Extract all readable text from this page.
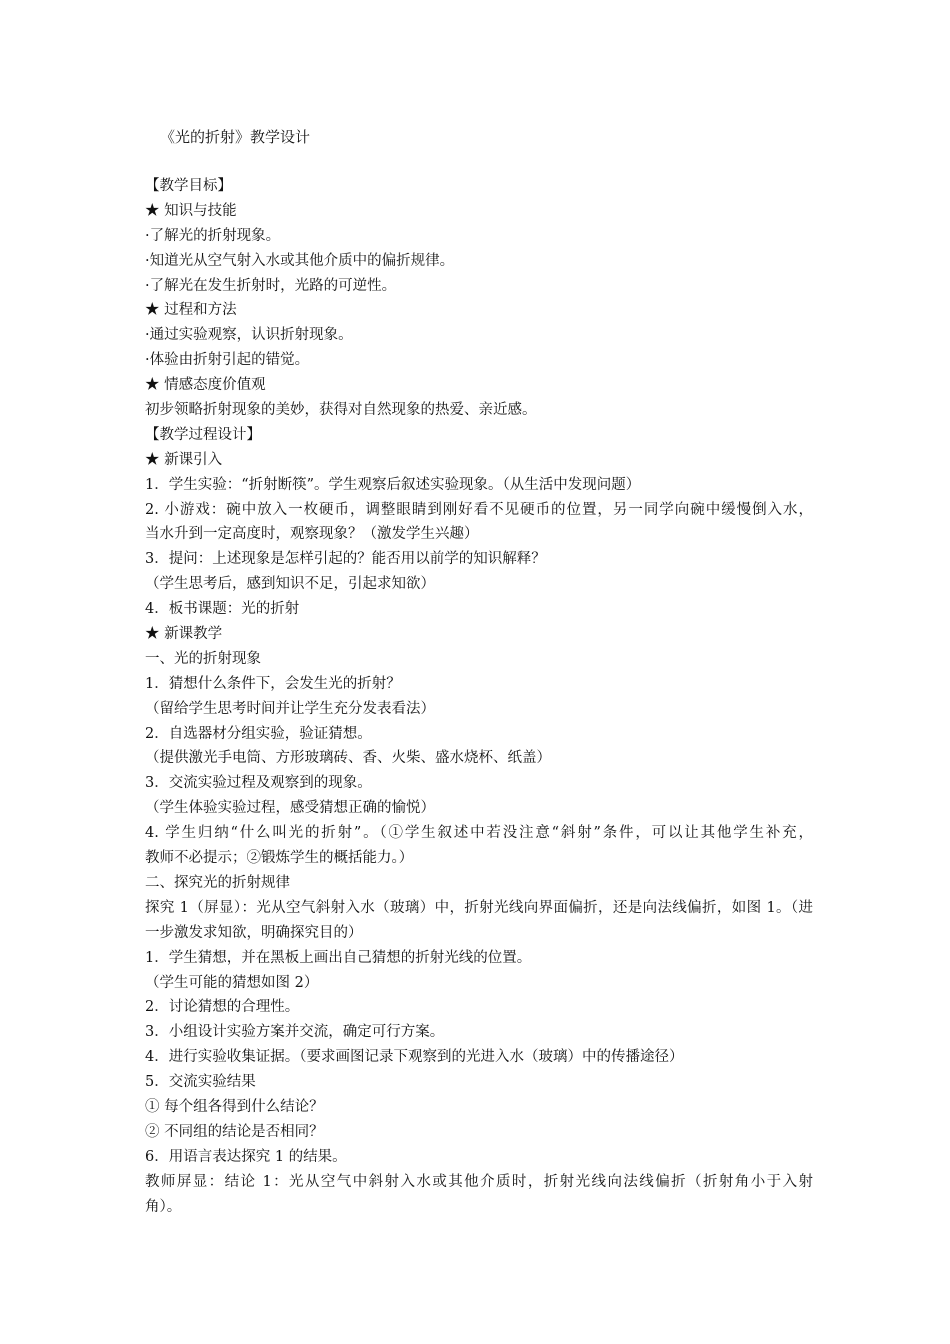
《光的折射》教学设计
【教学目标】
★ 知识与技能
·了解光的折射现象。
·知道光从空气射入水或其他介质中的偏折规律。
·了解光在发生折射时，光路的可逆性。
★ 过程和方法
·通过实验观察，认识折射现象。
·体验由折射引起的错觉。
★ 情感态度价值观
初步领略折射现象的美妙，获得对自然现象的热爱、亲近感。
【教学过程设计】
★ 新课引入
1．学生实验：“折射断筷”。学生观察后叙述实验现象。（从生活中发现问题）
2. 小游戏：碗中放入一枚硬币，调整眼睛到刚好看不见硬币的位置，另一同学向碗中缓慢倒入水，
当水升到一定高度时，观察现象？（激发学生兴趣）
3．提问：上述现象是怎样引起的？能否用以前学的知识解释？
（学生思考后，感到知识不足，引起求知欲）
4．板书课题：光的折射
★ 新课教学
一、光的折射现象
1．猜想什么条件下，会发生光的折射？
（留给学生思考时间并让学生充分发表看法）
2．自选器材分组实验，验证猜想。
（提供激光手电筒、方形玻璃砖、香、火柴、盛水烧杯、纸盖）
3．交流实验过程及观察到的现象。
（学生体验实验过程，感受猜想正确的愉悦）
4. 学生归纳“什么叫光的折射”。（①学生叙述中若没注意“斜射”条件，可以让其他学生补充，
教师不必提示；②锻炼学生的概括能力。）
二、探究光的折射规律
探究 1（屏显）：光从空气斜射入水（玻璃）中，折射光线向界面偏折，还是向法线偏折，如图 1。（进
一步激发求知欲，明确探究目的）
1．学生猜想，并在黑板上画出自己猜想的折射光线的位置。
（学生可能的猜想如图 2）
2．讨论猜想的合理性。
3．小组设计实验方案并交流，确定可行方案。
4．进行实验收集证据。（要求画图记录下观察到的光进入水（玻璃）中的传播途径）
5．交流实验结果
① 每个组各得到什么结论？
② 不同组的结论是否相同？
6．用语言表达探究 1 的结果。
教师屏显：结论 1：光从空气中斜射入水或其他介质时，折射光线向法线偏折（折射角小于入射
角）。
